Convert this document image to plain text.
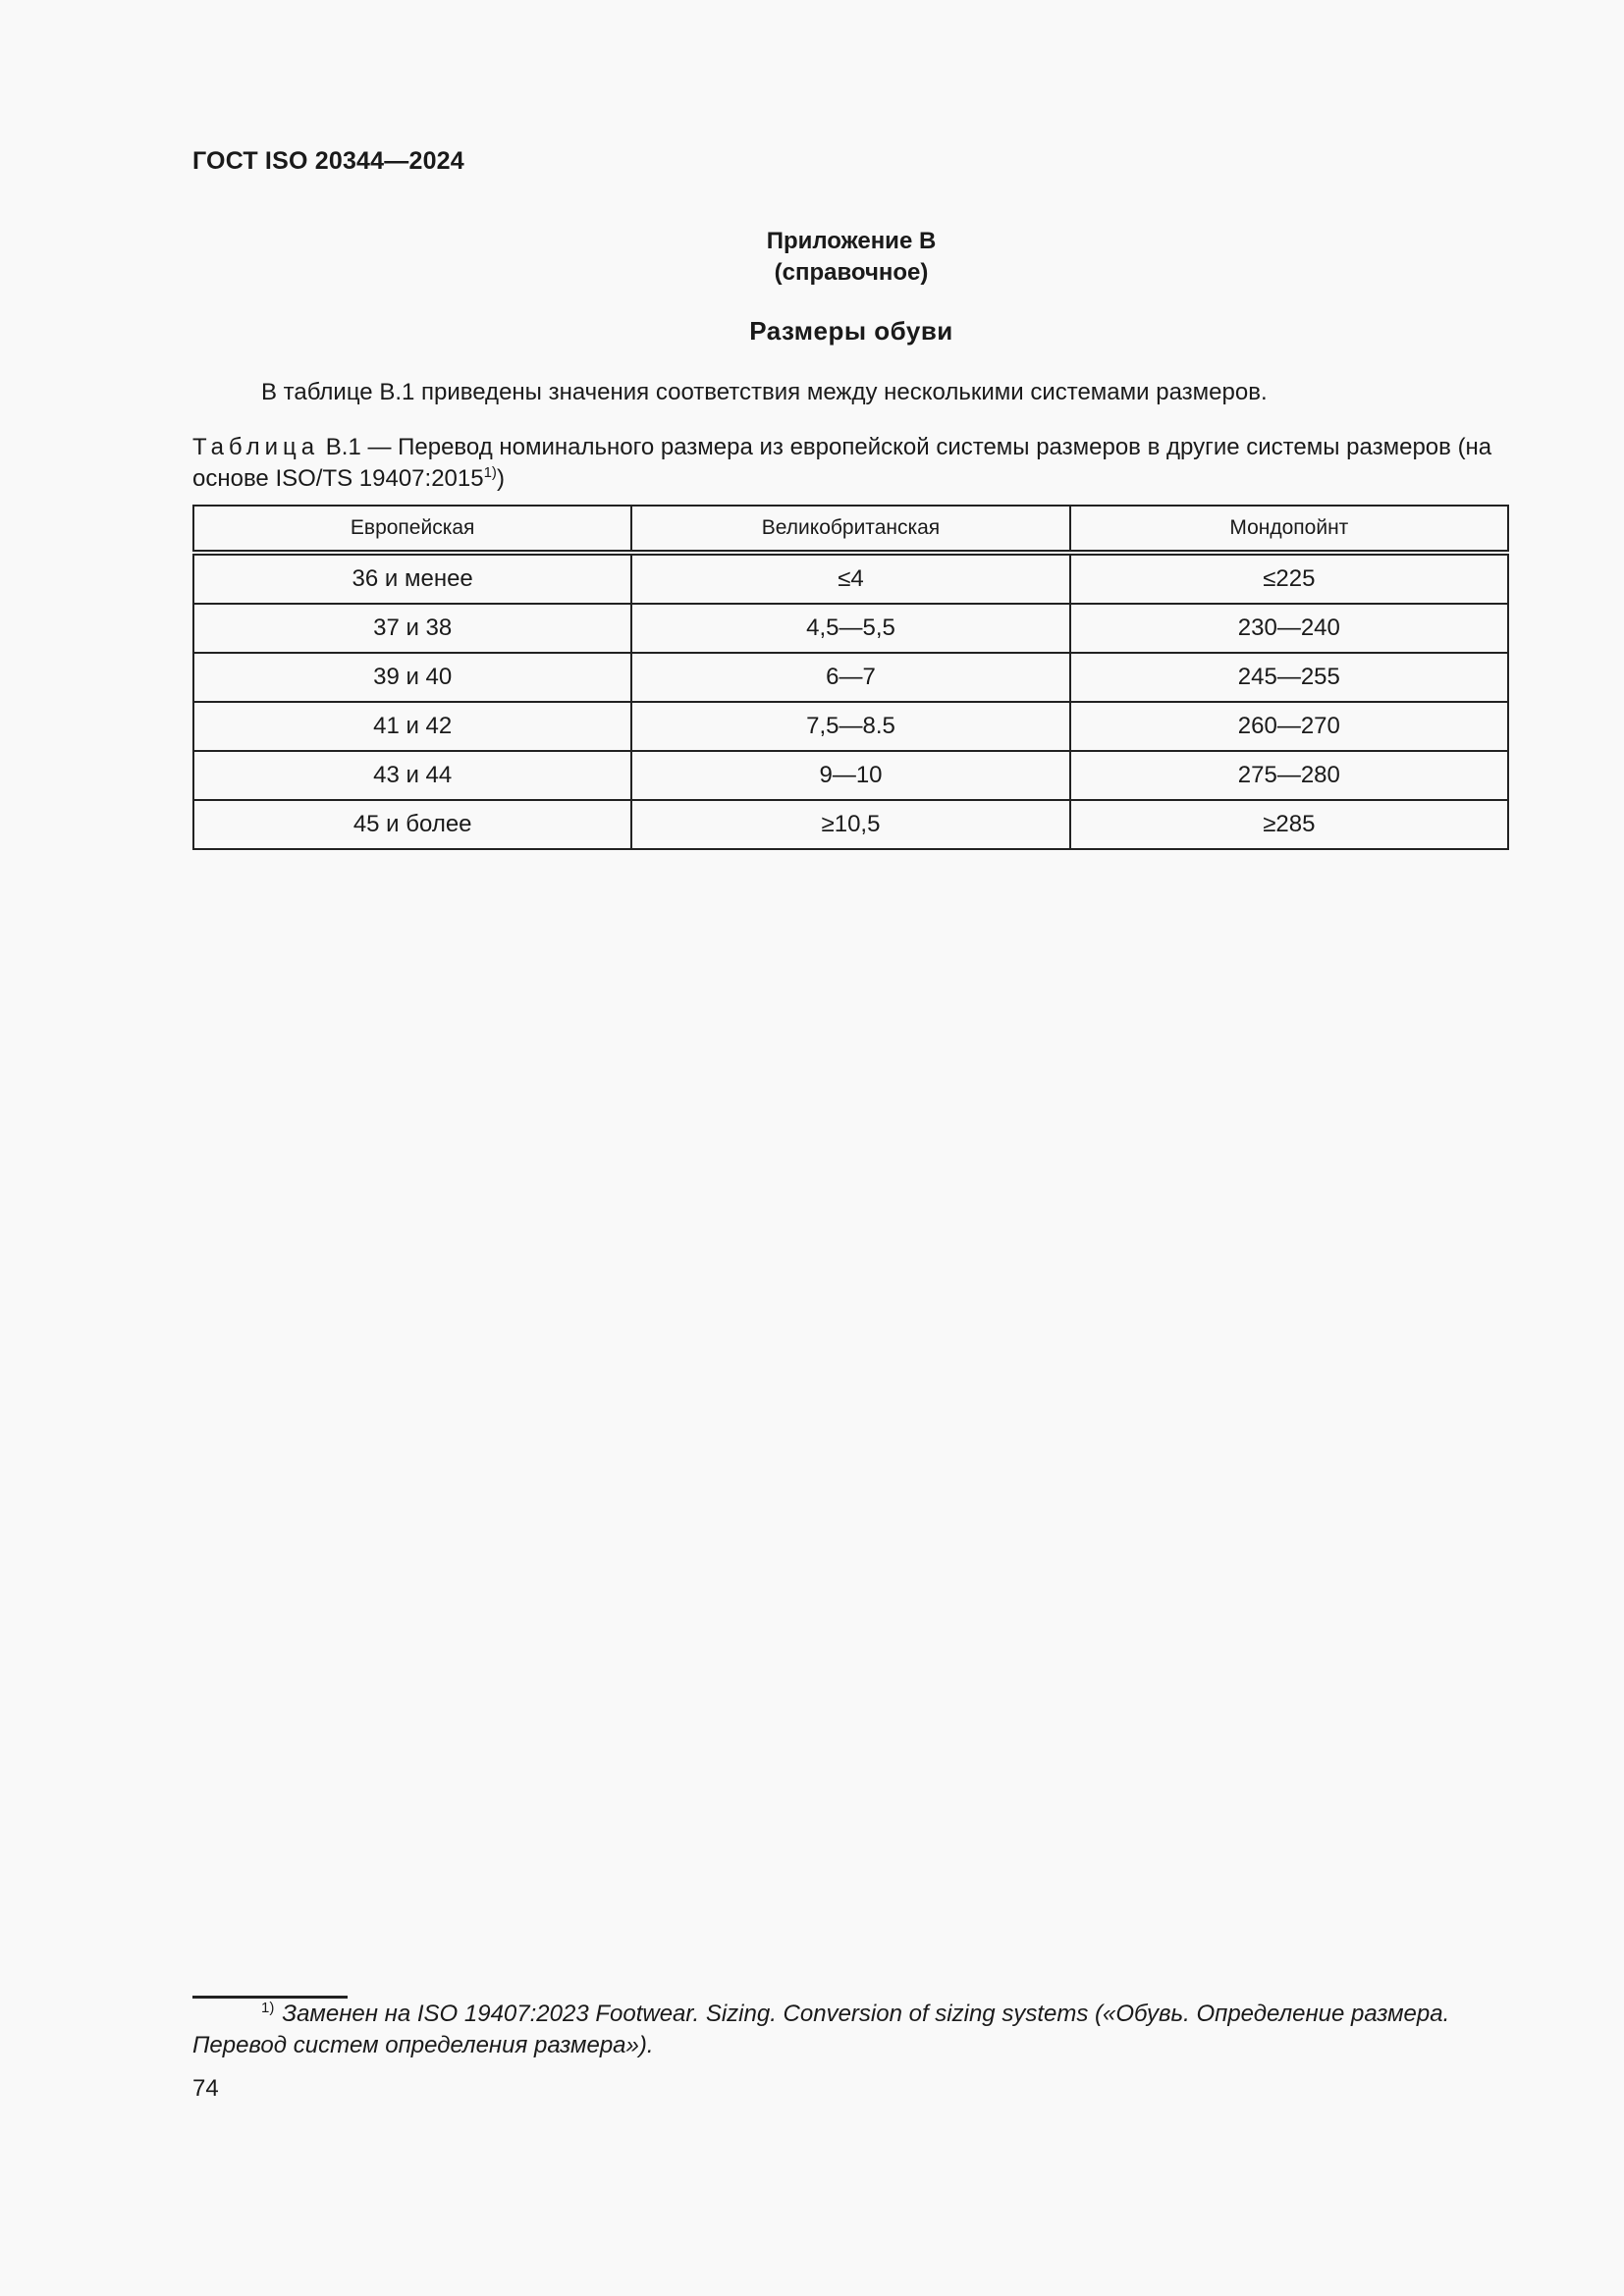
ГОСТ ISO 20344—2024
Приложение В
(справочное)
Размеры обуви
В таблице В.1 приведены значения соответствия между несколькими системами размеров.
Таблица В.1 — Перевод номинального размера из европейской системы размеров в другие системы размеров (на основе ISO/TS 19407:2015$^{1)}$)
Европейская	Великобританская	Мондопойнт
36 и менее	≤4	≤225
37 и 38	4,5—5,5	230—240
39 и 40	6—7	245—255
41 и 42	7,5—8.5	260—270
43 и 44	9—10	275—280
45 и более	≥10,5	≥285
$^{1)}$ Заменен на ISO 19407:2023 Footwear. Sizing. Conversion of sizing systems («Обувь. Определение размера. Перевод систем определения размера»).
74
